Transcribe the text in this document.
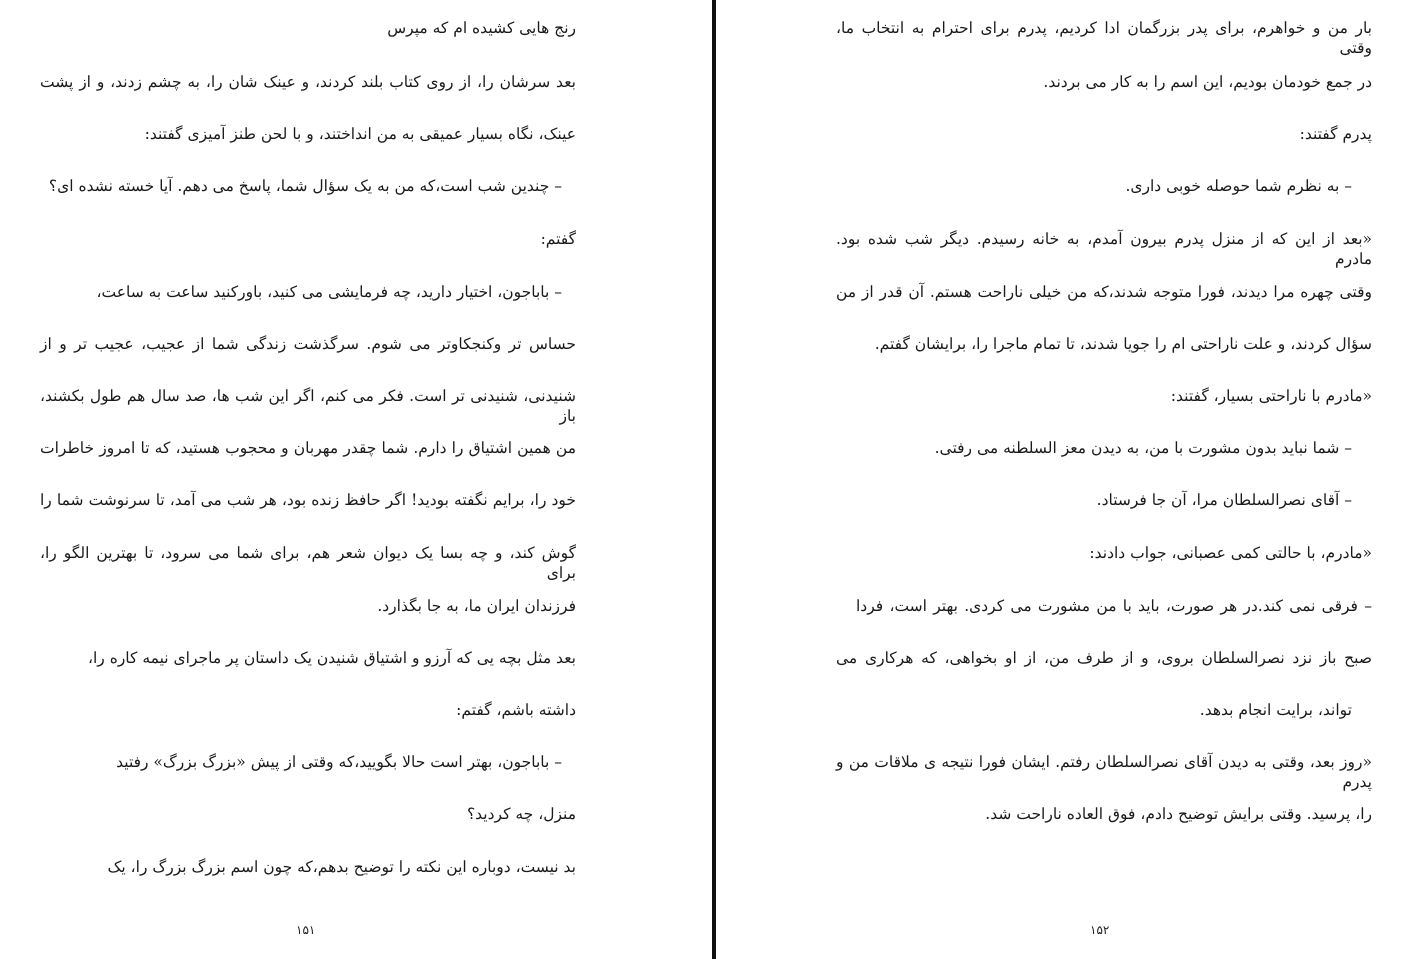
رنج هایی کشیده ام که مپرس
بعد سرشان را، از روی کتاب بلند کردند، و عینک شان را، به چشم زدند، و از پشت
عینک، نگاه بسیار عمیقی به من انداختند، و با لحن طنز آمیزی گفتند:
– چندین شب است،که من به یک سؤال شما، پاسخ می دهم. آیا خسته نشده ای؟
گفتم:
– باباجون، اختیار دارید، چه فرمایشی می کنید، باورکنید ساعت به ساعت،
حساس تر وکنجکاوتر می شوم. سرگذشت زندگی شما از عجیب، عجیب تر و از
شنیدنی، شنیدنی تر است. فکر می کنم، اگر این شب ها، صد سال هم طول بکشند، باز
من همین اشتیاق را دارم. شما چقدر مهربان و محجوب هستید، که تا امروز خاطرات
خود را، برایم نگفته بودید! اگر حافظ زنده بود، هر شب می آمد، تا سرنوشت شما را
گوش کند، و چه بسا یک دیوان شعر هم، برای شما می سرود، تا بهترین الگو را، برای
فرزندان ایران ما، به جا بگذارد.
بعد مثل بچه یی که آرزو و اشتیاق شنیدن یک داستان پر ماجرای نیمه کاره را،
داشته باشم، گفتم:
– باباجون، بهتر است حالا بگویید،که وقتی از پیش «بزرگ بزرگ» رفتید
منزل، چه کردید؟
بد نیست، دوباره این نکته را توضیح بدهم،که چون اسم بزرگ بزرگ را، یک
۱۵۱
بار من و خواهرم، برای پدر بزرگمان ادا کردیم، پدرم برای احترام به انتخاب ما، وقتی
در جمع خودمان بودیم، این اسم را به کار می بردند.
پدرم گفتند:
– به نظرم شما حوصله خوبی داری.
«بعد از این که از منزل پدرم بیرون آمدم، به خانه رسیدم. دیگر شب شده بود. مادرم
وقتی چهره مرا دیدند، فورا متوجه شدند،که من خیلی ناراحت هستم. آن قدر از من
سؤال کردند، و علت ناراحتی ام را جویا شدند، تا تمام ماجرا را، برایشان گفتم.
«مادرم با ناراحتی بسیار، گفتند:
– شما نباید بدون مشورت با من، به دیدن معز السلطنه می رفتی.
– آقای نصرالسلطان مرا، آن جا فرستاد.
«مادرم، با حالتی کمی عصبانی، جواب دادند:
– فرقی نمی کند.در هر صورت، باید با من مشورت می کردی. بهتر است، فردا
صبح باز نزد نصرالسلطان بروی، و از طرف من، از او بخواهی، که هرکاری می
تواند، برایت انجام بدهد.
«روز بعد، وقتی به دیدن آقای نصرالسلطان رفتم. ایشان فورا نتیجه ی ملاقات من و پدرم
را، پرسید. وقتی برایش توضیح دادم، فوق العاده ناراحت شد.
۱۵۲
